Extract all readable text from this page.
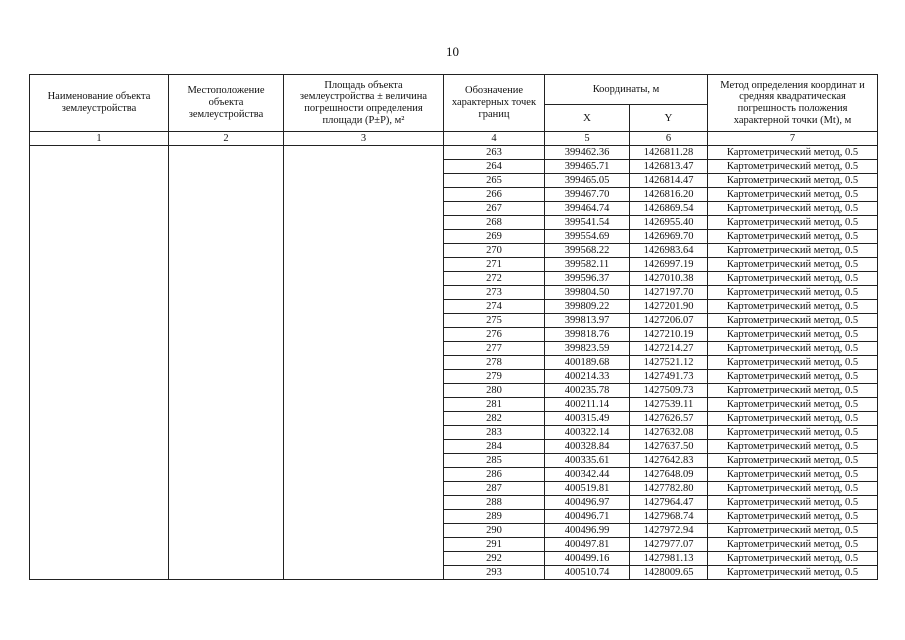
10
Наименование объекта землеустройства	Местоположение объекта землеустройства	Площадь объекта землеустройства ± величина погрешности определения площади (P±P), м²	Обозначение характерных точек границ	Координаты, м		Метод определения координат и средняя квадратическая погрешность положения характерной точки (Mt), м
				X	Y	
1	2	3	4	5	6	7
			263	399462.36	1426811.28	Картометрический метод, 0.5
			264	399465.71	1426813.47	Картометрический метод, 0.5
			265	399465.05	1426814.47	Картометрический метод, 0.5
			266	399467.70	1426816.20	Картометрический метод, 0.5
			267	399464.74	1426869.54	Картометрический метод, 0.5
			268	399541.54	1426955.40	Картометрический метод, 0.5
			269	399554.69	1426969.70	Картометрический метод, 0.5
			270	399568.22	1426983.64	Картометрический метод, 0.5
			271	399582.11	1426997.19	Картометрический метод, 0.5
			272	399596.37	1427010.38	Картометрический метод, 0.5
			273	399804.50	1427197.70	Картометрический метод, 0.5
			274	399809.22	1427201.90	Картометрический метод, 0.5
			275	399813.97	1427206.07	Картометрический метод, 0.5
			276	399818.76	1427210.19	Картометрический метод, 0.5
			277	399823.59	1427214.27	Картометрический метод, 0.5
			278	400189.68	1427521.12	Картометрический метод, 0.5
			279	400214.33	1427491.73	Картометрический метод, 0.5
			280	400235.78	1427509.73	Картометрический метод, 0.5
			281	400211.14	1427539.11	Картометрический метод, 0.5
			282	400315.49	1427626.57	Картометрический метод, 0.5
			283	400322.14	1427632.08	Картометрический метод, 0.5
			284	400328.84	1427637.50	Картометрический метод, 0.5
			285	400335.61	1427642.83	Картометрический метод, 0.5
			286	400342.44	1427648.09	Картометрический метод, 0.5
			287	400519.81	1427782.80	Картометрический метод, 0.5
			288	400496.97	1427964.47	Картометрический метод, 0.5
			289	400496.71	1427968.74	Картометрический метод, 0.5
			290	400496.99	1427972.94	Картометрический метод, 0.5
			291	400497.81	1427977.07	Картометрический метод, 0.5
			292	400499.16	1427981.13	Картометрический метод, 0.5
			293	400510.74	1428009.65	Картометрический метод, 0.5
